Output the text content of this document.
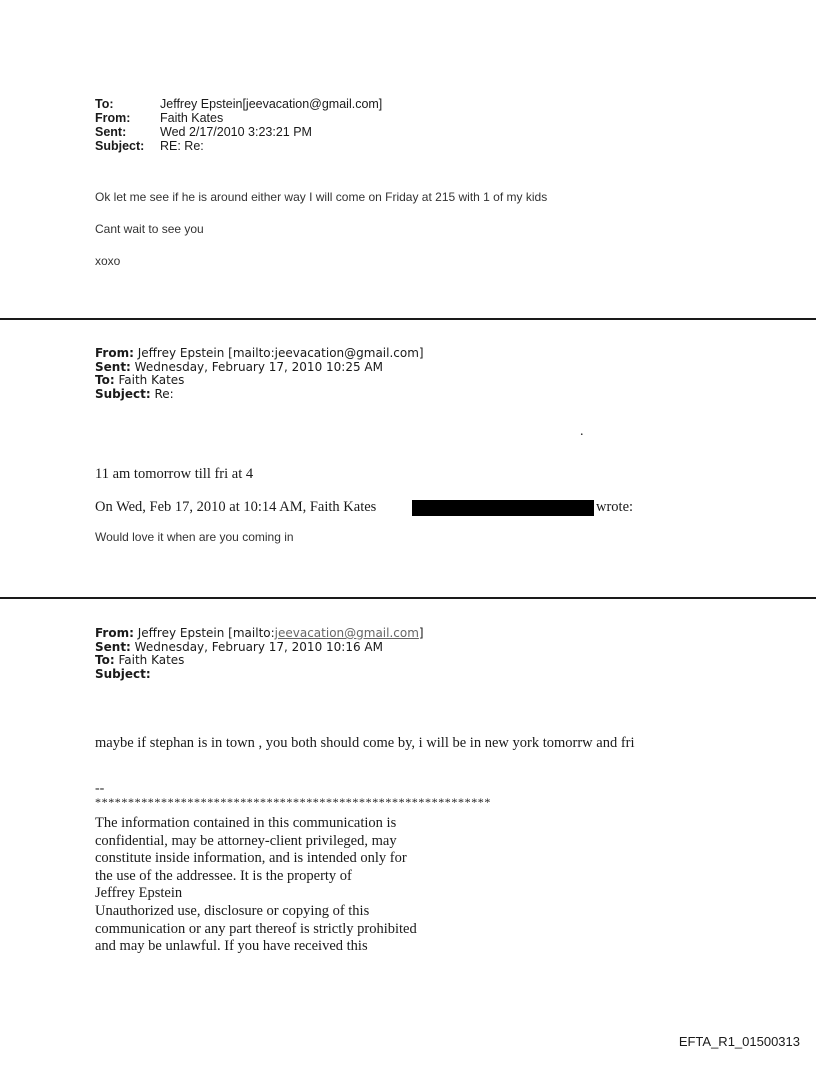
To:	Jeffrey Epstein[jeevacation@gmail.com]
From:	Faith Kates
Sent:	Wed 2/17/2010 3:23:21 PM
Subject:	RE: Re:
Ok let me see if he is around either way I will come on Friday at 215 with 1 of my kids
Cant wait to see you
xoxo
From: Jeffrey Epstein [mailto:jeevacation@gmail.com]
Sent: Wednesday, February 17, 2010 10:25 AM
To: Faith Kates
Subject: Re:
.
11 am tomorrow till fri at 4
On Wed, Feb 17, 2010 at 10:14 AM, Faith Kates	wrote:
Would love it when are you coming in
From: Jeffrey Epstein [mailto:jeevacation@gmail.com]
Sent: Wednesday, February 17, 2010 10:16 AM
To: Faith Kates
Subject:
maybe if stephan is in town , you both should come by, i will be in new york tomorrw and fri
--
************************************************************
The information contained in this communication is
confidential, may be attorney-client privileged, may
constitute inside information, and is intended only for
the use of the addressee. It is the property of
Jeffrey Epstein
Unauthorized use, disclosure or copying of this
communication or any part thereof is strictly prohibited
and may be unlawful. If you have received this
EFTA_R1_01500313
